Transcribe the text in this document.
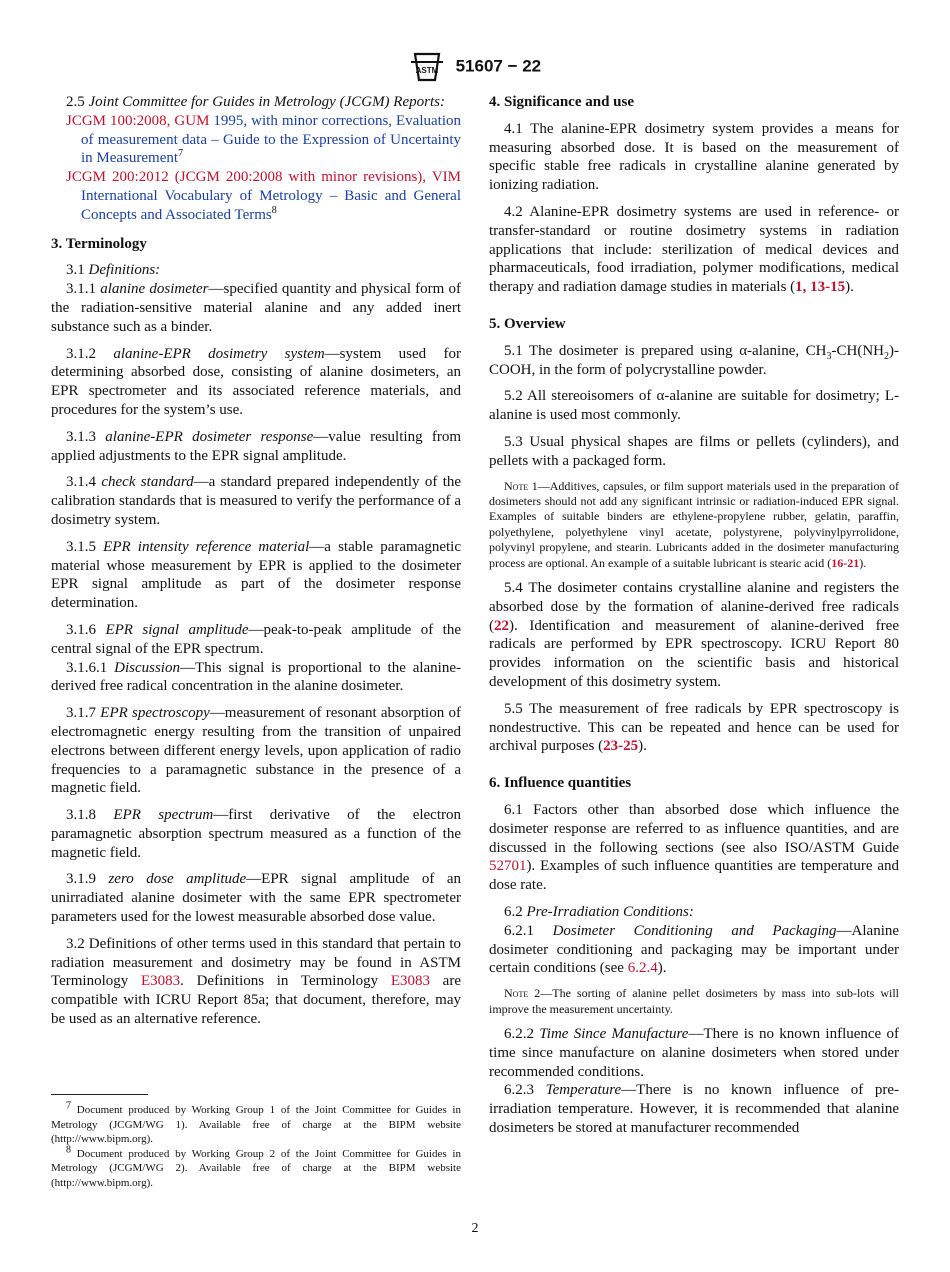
ASTM 51607 − 22

2.5 Joint Committee for Guides in Metrology (JCGM) Reports:

JCGM 100:2008, GUM 1995, with minor corrections, Evaluation of measurement data – Guide to the Expression of Uncertainty in Measurement$^7$

JCGM 200:2012 (JCGM 200:2008 with minor revisions), VIM International Vocabulary of Metrology – Basic and General Concepts and Associated Terms$^8$

3. Terminology

3.1 Definitions:

3.1.1 alanine dosimeter—specified quantity and physical form of the radiation-sensitive material alanine and any added inert substance such as a binder.

3.1.2 alanine-EPR dosimetry system—system used for determining absorbed dose, consisting of alanine dosimeters, an EPR spectrometer and its associated reference materials, and procedures for the system’s use.

3.1.3 alanine-EPR dosimeter response—value resulting from applied adjustments to the EPR signal amplitude.

3.1.4 check standard—a standard prepared independently of the calibration standards that is measured to verify the performance of a dosimetry system.

3.1.5 EPR intensity reference material—a stable paramagnetic material whose measurement by EPR is applied to the dosimeter EPR signal amplitude as part of the dosimeter response determination.

3.1.6 EPR signal amplitude—peak-to-peak amplitude of the central signal of the EPR spectrum.

3.1.6.1 Discussion—This signal is proportional to the alanine-derived free radical concentration in the alanine dosimeter.

3.1.7 EPR spectroscopy—measurement of resonant absorption of electromagnetic energy resulting from the transition of unpaired electrons between different energy levels, upon application of radio frequencies to a paramagnetic substance in the presence of a magnetic field.

3.1.8 EPR spectrum—first derivative of the electron paramagnetic absorption spectrum measured as a function of the magnetic field.

3.1.9 zero dose amplitude—EPR signal amplitude of an unirradiated alanine dosimeter with the same EPR spectrometer parameters used for the lowest measurable absorbed dose value.

3.2 Definitions of other terms used in this standard that pertain to radiation measurement and dosimetry may be found in ASTM Terminology E3083. Definitions in Terminology E3083 are compatible with ICRU Report 85a; that document, therefore, may be used as an alternative reference.

$^7$ Document produced by Working Group 1 of the Joint Committee for Guides in Metrology (JCGM/WG 1). Available free of charge at the BIPM website (http://www.bipm.org).

$^8$ Document produced by Working Group 2 of the Joint Committee for Guides in Metrology (JCGM/WG 2). Available free of charge at the BIPM website (http://www.bipm.org).

4. Significance and use

4.1 The alanine-EPR dosimetry system provides a means for measuring absorbed dose. It is based on the measurement of specific stable free radicals in crystalline alanine generated by ionizing radiation.

4.2 Alanine-EPR dosimetry systems are used in reference- or transfer-standard or routine dosimetry systems in radiation applications that include: sterilization of medical devices and pharmaceuticals, food irradiation, polymer modifications, medical therapy and radiation damage studies in materials (1, 13-15).

5. Overview

5.1 The dosimeter is prepared using α-alanine, $CH_3-CH(NH_2)$-COOH, in the form of polycrystalline powder.

5.2 All stereoisomers of α-alanine are suitable for dosimetry; L-alanine is used most commonly.

5.3 Usual physical shapes are films or pellets (cylinders), and pellets with a packaged form.

Note 1—Additives, capsules, or film support materials used in the preparation of dosimeters should not add any significant intrinsic or radiation-induced EPR signal. Examples of suitable binders are ethylene-propylene rubber, gelatin, paraffin, polyethylene, polyethylene vinyl acetate, polystyrene, polyvinylpyrrolidone, polyvinyl propylene, and stearin. Lubricants added in the dosimeter manufacturing process are optional. An example of a suitable lubricant is stearic acid (16-21).

5.4 The dosimeter contains crystalline alanine and registers the absorbed dose by the formation of alanine-derived free radicals (22). Identification and measurement of alanine-derived free radicals are performed by EPR spectroscopy. ICRU Report 80 provides information on the scientific basis and historical development of this dosimetry system.

5.5 The measurement of free radicals by EPR spectroscopy is nondestructive. This can be repeated and hence can be used for archival purposes (23-25).

6. Influence quantities

6.1 Factors other than absorbed dose which influence the dosimeter response are referred to as influence quantities, and are discussed in the following sections (see also ISO/ASTM Guide 52701). Examples of such influence quantities are temperature and dose rate.

6.2 Pre-Irradiation Conditions:

6.2.1 Dosimeter Conditioning and Packaging—Alanine dosimeter conditioning and packaging may be important under certain conditions (see 6.2.4).

Note 2—The sorting of alanine pellet dosimeters by mass into sub-lots will improve the measurement uncertainty.

6.2.2 Time Since Manufacture—There is no known influence of time since manufacture on alanine dosimeters when stored under recommended conditions.

6.2.3 Temperature—There is no known influence of pre-irradiation temperature. However, it is recommended that alanine dosimeters be stored at manufacturer recommended

2
